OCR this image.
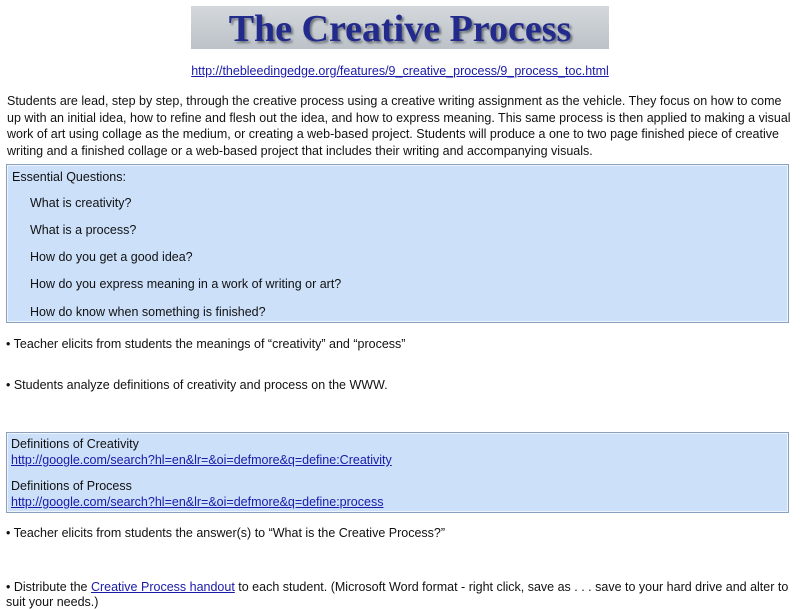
The Creative Process
http://thebleedingedge.org/features/9_creative_process/9_process_toc.html
Students are lead, step by step, through the creative process using a creative writing assignment as the vehicle. They focus on how to come
up with an initial idea, how to refine and flesh out the idea, and how to express meaning. This same process is then applied to making a visual
work of art using collage as the medium, or creating a web-based project. Students will produce a one to two page finished piece of creative
writing and a finished collage or a web-based project that includes their writing and accompanying visuals.
Essential Questions:
What is creativity?
What is a process?
How do you get a good idea?
How do you express meaning in a work of writing or art?
How do know when something is finished?
• Teacher elicits from students the meanings of “creativity” and “process”
• Students analyze definitions of creativity and process on the WWW.
Definitions of Creativity
http://google.com/search?hl=en&lr=&oi=defmore&q=define:Creativity
Definitions of Process
http://google.com/search?hl=en&lr=&oi=defmore&q=define:process
• Teacher elicits from students the answer(s) to “What is the Creative Process?”
• Distribute the Creative Process handout to each student. (Microsoft Word format - right click, save as . . . save to your hard drive and alter to
suit your needs.)
